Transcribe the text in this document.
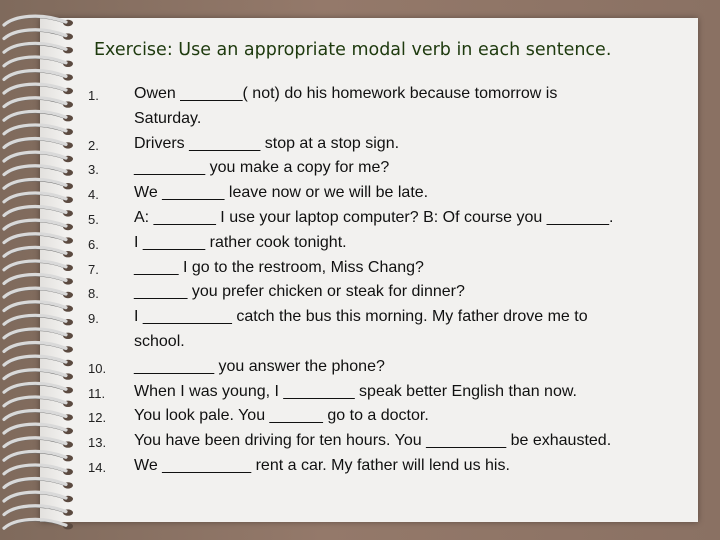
Exercise: Use an appropriate modal verb in each sentence.
1. Owen _______( not) do his homework because tomorrow is
Saturday.
2. Drivers ________ stop at a stop sign.
3. ________ you make a copy for me?
4. We _______ leave now or we will be late.
5. A: _______ I use your laptop computer? B: Of course you _______.
6. I _______ rather cook tonight.
7. _____ I go to the restroom, Miss Chang?
8. ______ you prefer chicken or steak for dinner?
9. I __________ catch the bus this morning. My father drove me to
school.
10. _________ you answer the phone?
11. When I was young, I ________ speak better English than now.
12. You look pale. You ______ go to a doctor.
13. You have been driving for ten hours. You _________ be exhausted.
14. We __________ rent a car. My father will lend us his.
